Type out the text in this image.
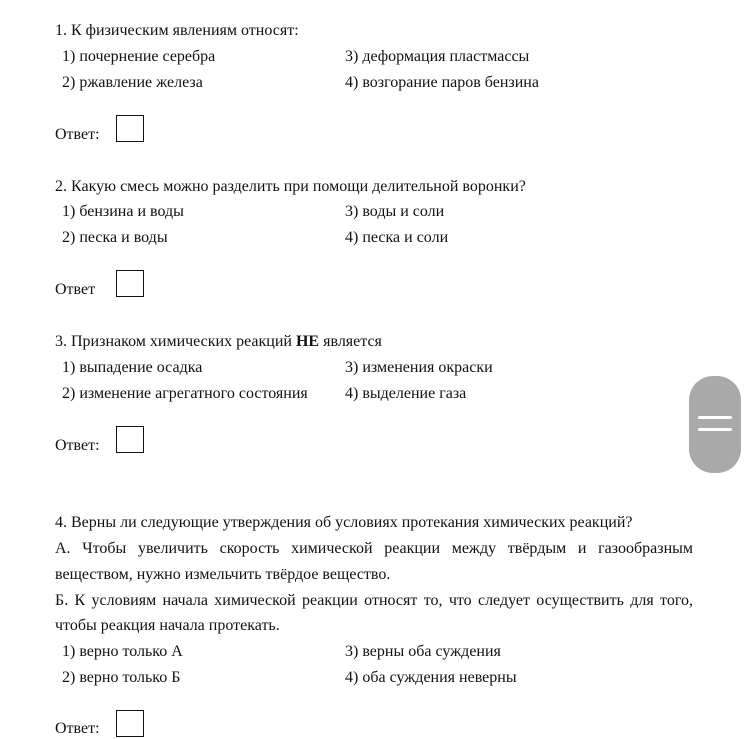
1. К физическим явлениям относят:
1) почернение серебра	3) деформация пластмассы
2) ржавление железа	4) возгорание паров бензина
Ответ:
2. Какую смесь можно разделить при помощи делительной воронки?
1) бензина и воды	3) воды и соли
2) песка и воды	4) песка и соли
Ответ
3. Признаком химических реакций НЕ является
1) выпадение осадка	3) изменения окраски
2) изменение агрегатного состояния 4) выделение газа
Ответ:
4. Верны ли следующие утверждения об условиях протекания химических реакций?
А. Чтобы увеличить скорость химической реакции между твёрдым и газообразным
веществом, нужно измельчить твёрдое вещество.
Б. К условиям начала химической реакции относят то, что следует осуществить для того,
чтобы реакция начала протекать.
1) верно только А	3) верны оба суждения
2) верно только Б	4) оба суждения неверны
Ответ:
